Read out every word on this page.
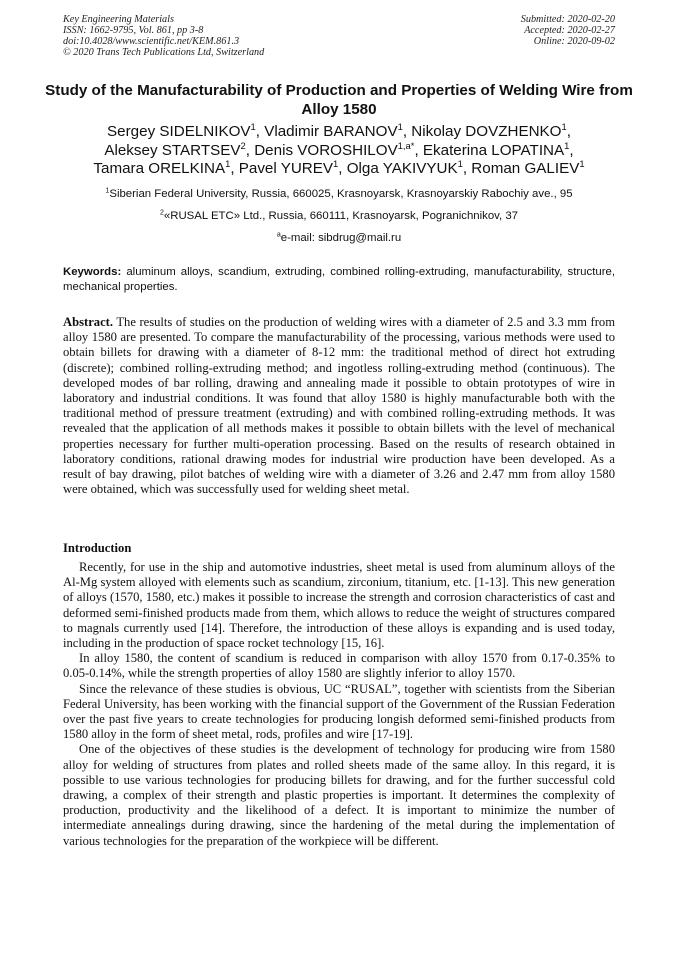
Key Engineering Materials
ISSN: 1662-9795, Vol. 861, pp 3-8
doi:10.4028/www.scientific.net/KEM.861.3
© 2020 Trans Tech Publications Ltd, Switzerland
Submitted: 2020-02-20
Accepted: 2020-02-27
Online: 2020-09-02
Study of the Manufacturability of Production and Properties of Welding Wire from Alloy 1580
Sergey SIDELNIKOV$^1$, Vladimir BARANOV$^1$, Nikolay DOVZHENKO$^1$,
Aleksey STARTSEV$^2$, Denis $VOROSHILOV^{1,a*}$, Ekaterina LOPATINA$^1$,
Tamara ORELKINA$^1$, Pavel YUREV$^1$, Olga YAKIVYUK$^1$, Roman GALIEV$^1$
$^1$Siberian Federal University, Russia, 660025, Krasnoyarsk, Krasnoyarskiy Rabochiy ave., 95
$^2$«RUSAL ETC» Ltd., Russia, 660111, Krasnoyarsk, Pogranichnikov, 37
$^a$e-mail: sibdrug@mail.ru
Keywords: aluminum alloys, scandium, extruding, combined rolling-extruding, manufacturability, structure, mechanical properties.
Abstract. The results of studies on the production of welding wires with a diameter of 2.5 and 3.3 mm from alloy 1580 are presented. To compare the manufacturability of the processing, various methods were used to obtain billets for drawing with a diameter of 8-12 mm: the traditional method of direct hot extruding (discrete); combined rolling-extruding method; and ingotless rolling-extruding method (continuous). The developed modes of bar rolling, drawing and annealing made it possible to obtain prototypes of wire in laboratory and industrial conditions. It was found that alloy 1580 is highly manufacturable both with the traditional method of pressure treatment (extruding) and with combined rolling-extruding methods. It was revealed that the application of all methods makes it possible to obtain billets with the level of mechanical properties necessary for further multi-operation processing. Based on the results of research obtained in laboratory conditions, rational drawing modes for industrial wire production have been developed. As a result of bay drawing, pilot batches of welding wire with a diameter of 3.26 and 2.47 mm from alloy 1580 were obtained, which was successfully used for welding sheet metal.
Introduction

Recently, for use in the ship and automotive industries, sheet metal is used from aluminum alloys of the Al-Mg system alloyed with elements such as scandium, zirconium, titanium, etc. [1-13]. This new generation of alloys (1570, 1580, etc.) makes it possible to increase the strength and corrosion characteristics of cast and deformed semi-finished products made from them, which allows to reduce the weight of structures compared to magnals currently used [14]. Therefore, the introduction of these alloys is expanding and is used today, including in the production of space rocket technology [15, 16].

In alloy 1580, the content of scandium is reduced in comparison with alloy 1570 from 0.17-0.35% to 0.05-0.14%, while the strength properties of alloy 1580 are slightly inferior to alloy 1570.

Since the relevance of these studies is obvious, UC “RUSAL”, together with scientists from the Siberian Federal University, has been working with the financial support of the Government of the Russian Federation over the past five years to create technologies for producing longish deformed semi-finished products from 1580 alloy in the form of sheet metal, rods, profiles and wire [17-19].

One of the objectives of these studies is the development of technology for producing wire from 1580 alloy for welding of structures from plates and rolled sheets made of the same alloy. In this regard, it is possible to use various technologies for producing billets for drawing, and for the further successful cold drawing, a complex of their strength and plastic properties is important. It determines the complexity of production, productivity and the likelihood of a defect. It is important to minimize the number of intermediate annealings during drawing, since the hardening of the metal during the implementation of various technologies for the preparation of the workpiece will be different.
